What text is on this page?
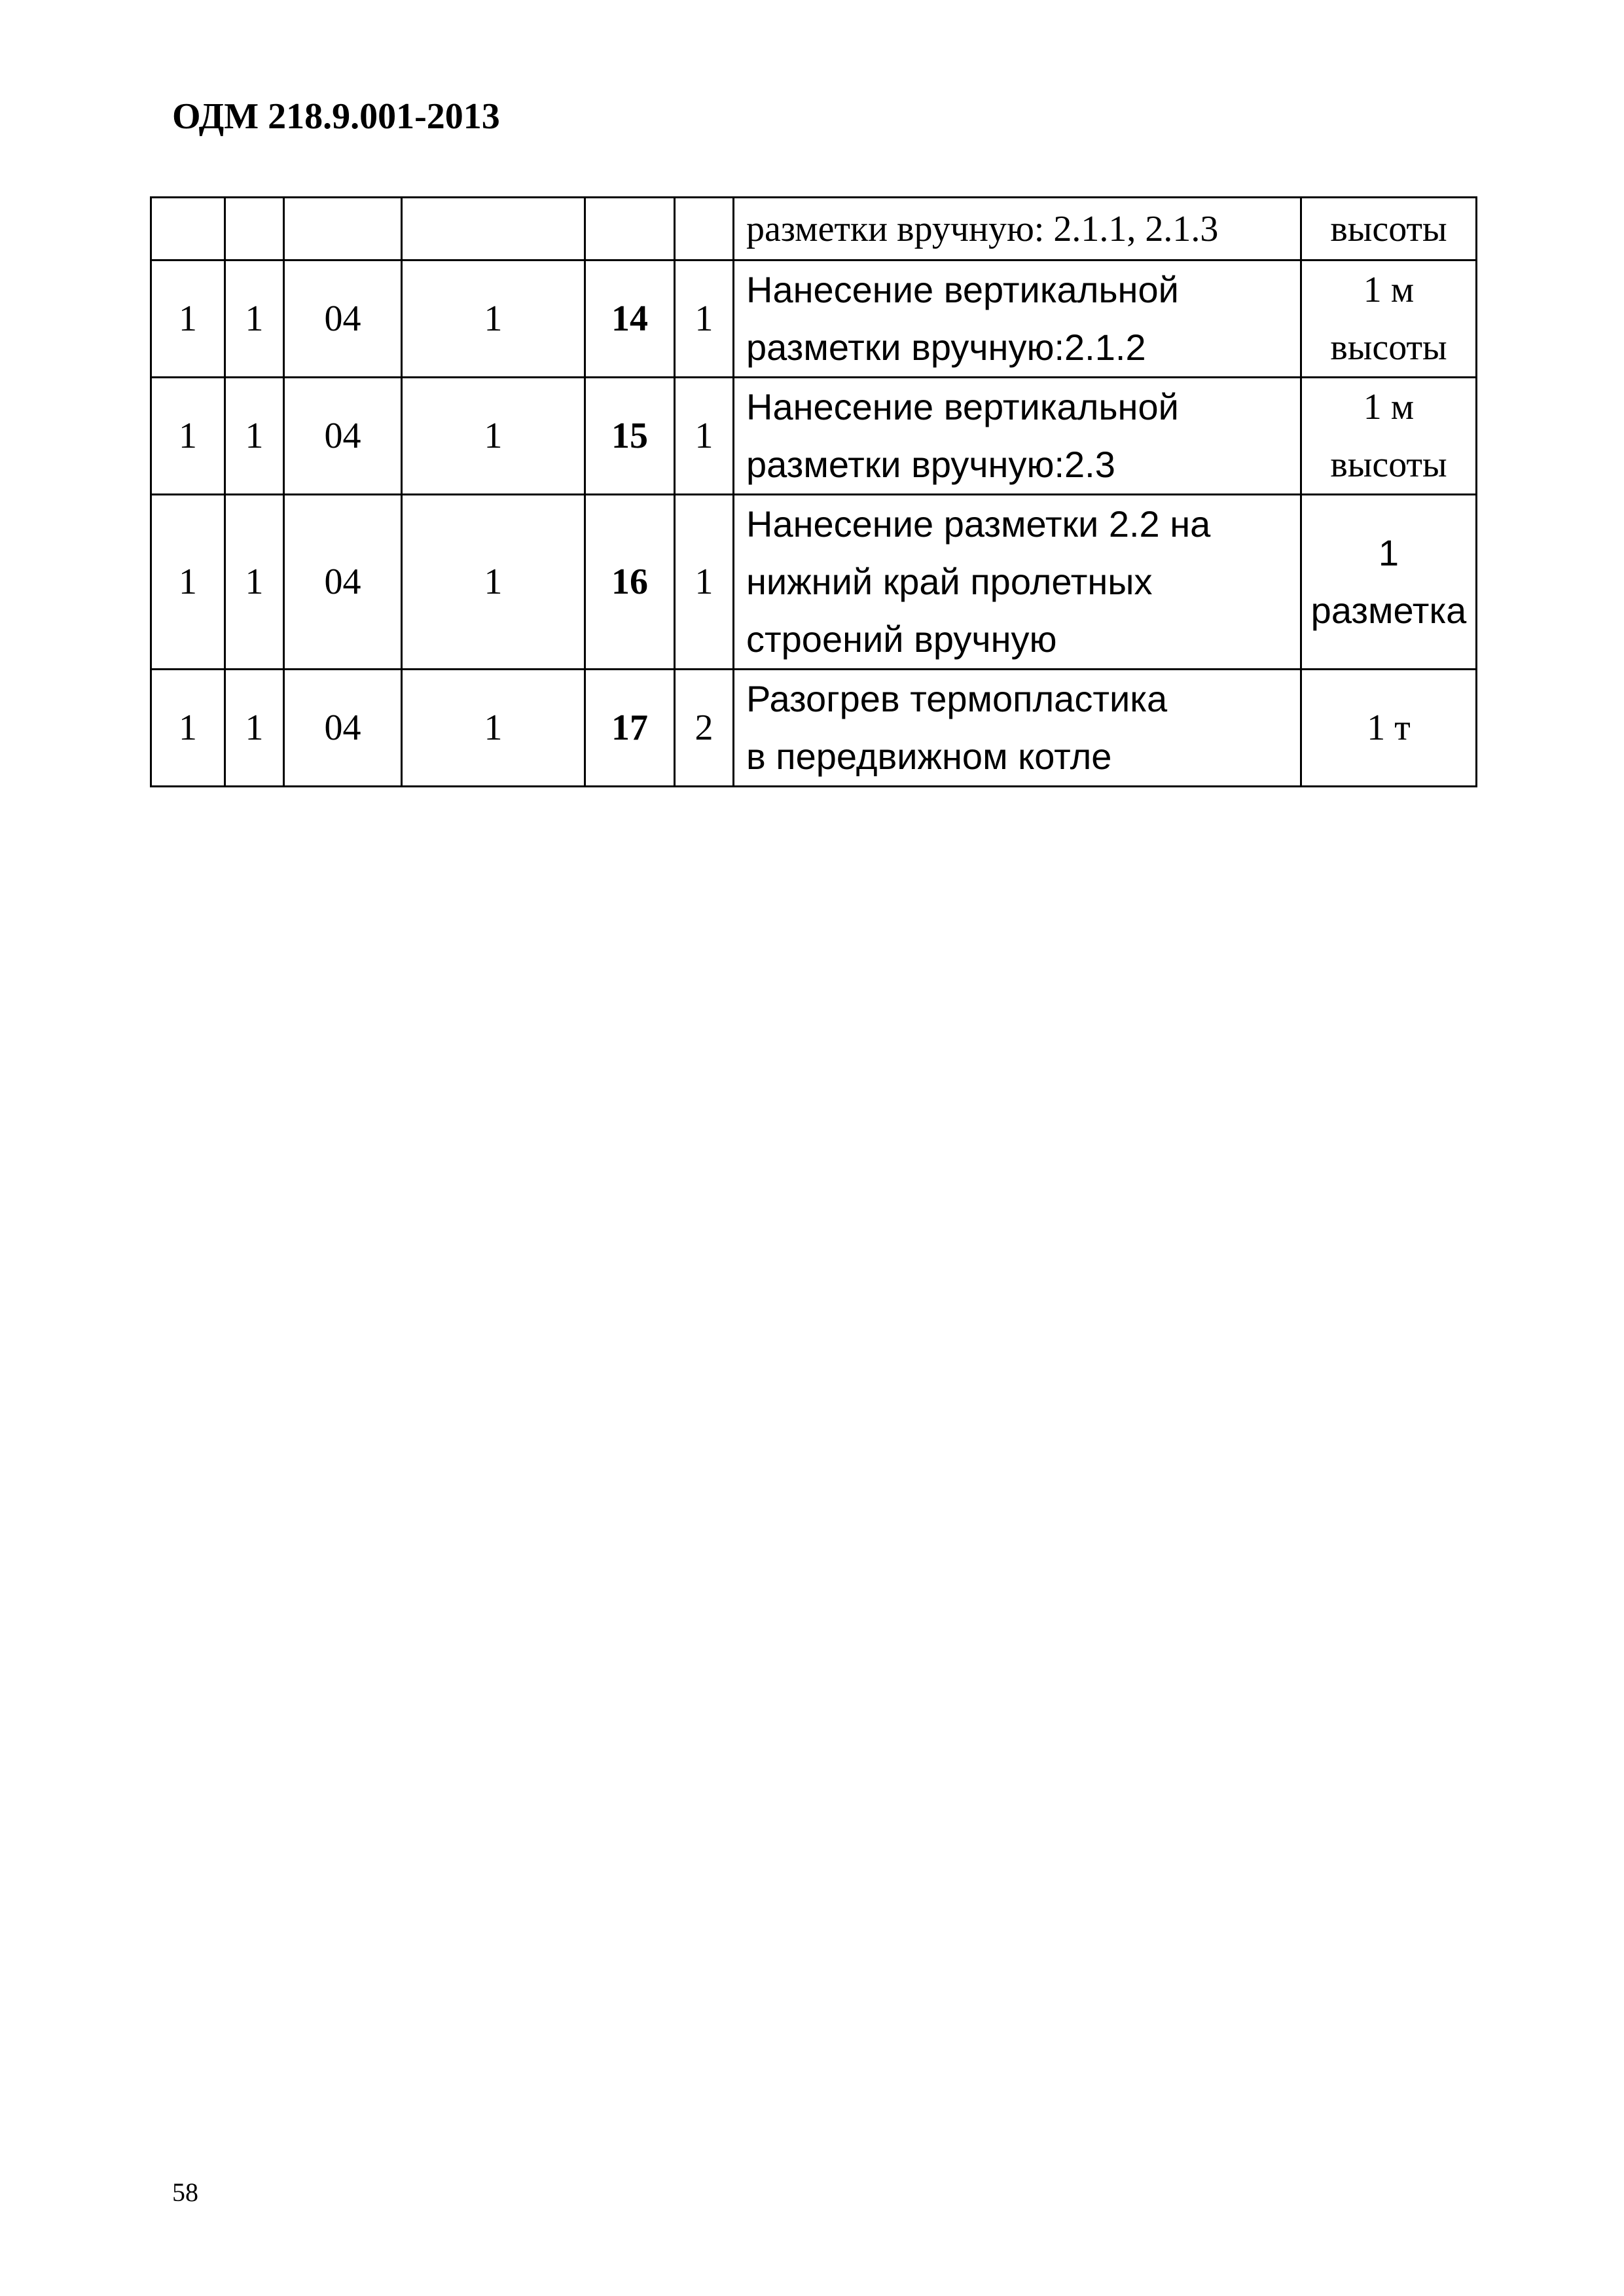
ОДМ 218.9.001-2013

						разметки вручную: 2.1.1, 2.1.3	высоты

1	1	04	1	14	1	Нанесение вертикальной
разметки вручную:2.1.2	1 м
высоты

1	1	04	1	15	1	Нанесение вертикальной
разметки вручную:2.3	1 м
высоты

1	1	04	1	16	1	Нанесение разметки 2.2 на
нижний край пролетных
строений вручную	1
разметка

1	1	04	1	17	2	Разогрев термопластика
в передвижном котле	1 т
58
